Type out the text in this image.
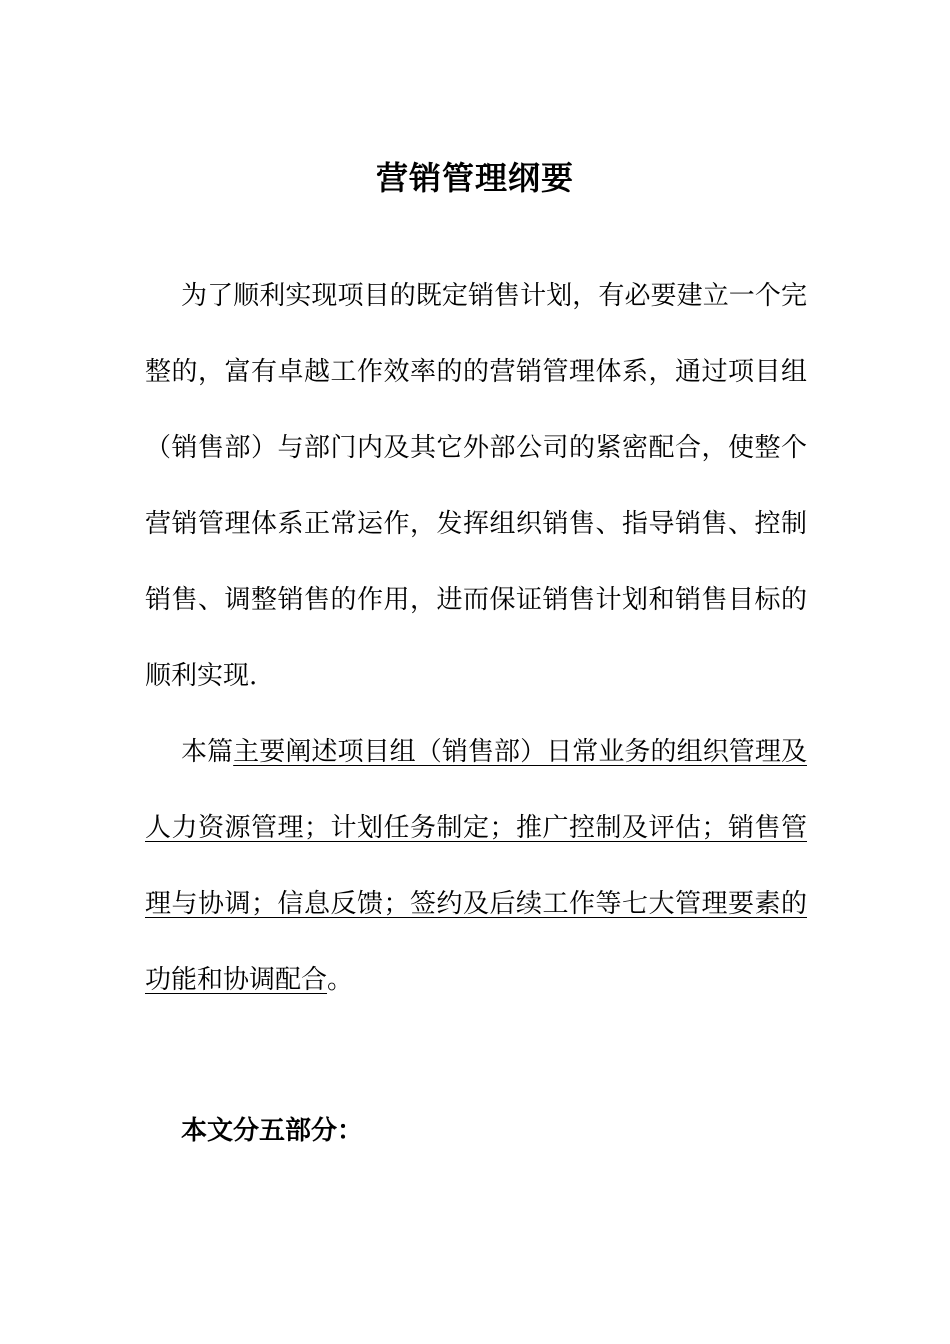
营销管理纲要

为了顺利实现项目的既定销售计划，有必要建立一个完整的，富有卓越工作效率的的营销管理体系，通过项目组（销售部）与部门内及其它外部公司的紧密配合，使整个营销管理体系正常运作，发挥组织销售、指导销售、控制销售、调整销售的作用，进而保证销售计划和销售目标的顺利实现.

本篇主要阐述项目组（销售部）日常业务的组织管理及人力资源管理；计划任务制定；推广控制及评估；销售管理与协调；信息反馈；签约及后续工作等七大管理要素的功能和协调配合。

本文分五部分：
